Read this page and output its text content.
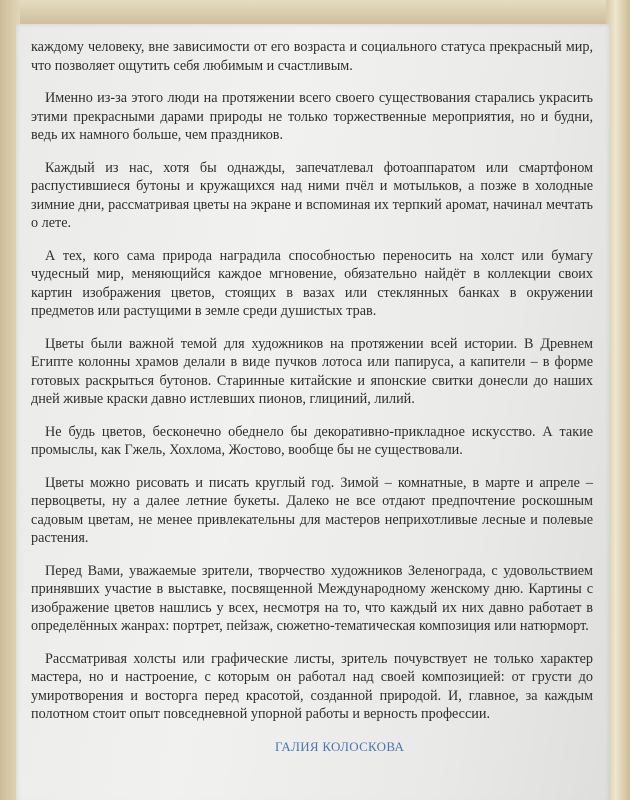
каждому человеку, вне зависимости от его возраста и социального статуса прекрасный мир, что позволяет ощутить себя любимым и счастливым.

Именно из-за этого люди на протяжении всего своего существования старались украсить этими прекрасными дарами природы не только торжественные мероприятия, но и будни, ведь их намного больше, чем праздников.

Каждый из нас, хотя бы однажды, запечатлевал фотоаппаратом или смартфоном распустившиеся бутоны и кружащихся над ними пчёл и мотыльков, а позже в холодные зимние дни, рассматривая цветы на экране и вспоминая их терпкий аромат, начинал мечтать о лете.

А тех, кого сама природа наградила способностью переносить на холст или бумагу чудесный мир, меняющийся каждое мгновение, обязательно найдёт в коллекции своих картин изображения цветов, стоящих в вазах или стеклянных банках в окружении предметов или растущими в земле среди душистых трав.

Цветы были важной темой для художников на протяжении всей истории. В Древнем Египте колонны храмов делали в виде пучков лотоса или папируса, а капители – в форме готовых раскрыться бутонов. Старинные китайские и японские свитки донесли до наших дней живые краски давно истлевших пионов, глициний, лилий.

Не будь цветов, бесконечно обеднело бы декоративно-прикладное искусство. А такие промыслы, как Гжель, Хохлома, Жостово, вообще бы не существовали.

Цветы можно рисовать и писать круглый год. Зимой – комнатные, в марте и апреле – первоцветы, ну а далее летние букеты. Далеко не все отдают предпочтение роскошным садовым цветам, не менее привлекательны для мастеров неприхотливые лесные и полевые растения.

Перед Вами, уважаемые зрители, творчество художников Зеленограда, с удовольствием принявших участие в выставке, посвященной Международному женскому дню. Картины с изображение цветов нашлись у всех, несмотря на то, что каждый их них давно работает в определённых жанрах: портрет, пейзаж, сюжетно-тематическая композиция или натюрморт.

Рассматривая холсты или графические листы, зритель почувствует не только характер мастера, но и настроение, с которым он работал над своей композицией: от грусти до умиротворения и восторга перед красотой, созданной природой. И, главное, за каждым полотном стоит опыт повседневной упорной работы и верность профессии.

ГАЛИЯ КОЛОСКОВА
